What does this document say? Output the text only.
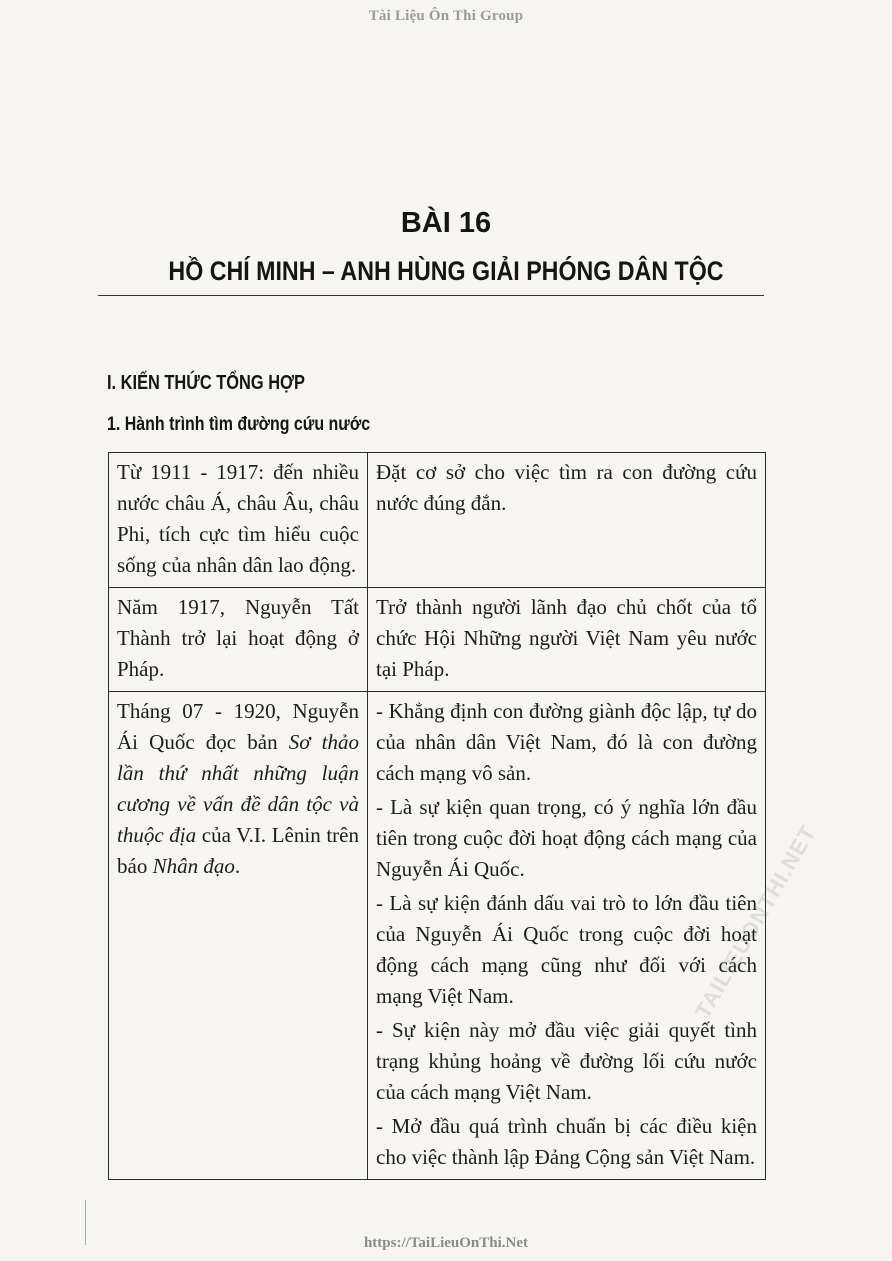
Tài Liệu Ôn Thi Group
BÀI 16
HỒ CHÍ MINH – ANH HÙNG GIẢI PHÓNG DÂN TỘC
I. KIẾN THỨC TỔNG HỢP
1. Hành trình tìm đường cứu nước
Từ 1911 - 1917: đến nhiều nước châu Á, châu Âu, châu Phi, tích cực tìm hiểu cuộc sống của nhân dân lao động.	Đặt cơ sở cho việc tìm ra con đường cứu nước đúng đắn.

Năm 1917, Nguyễn Tất Thành trở lại hoạt động ở Pháp.	Trở thành người lãnh đạo chủ chốt của tổ chức Hội Những người Việt Nam yêu nước tại Pháp.

Tháng 07 - 1920, Nguyễn Ái Quốc đọc bản Sơ thảo lần thứ nhất những luận cương về vấn đề dân tộc và thuộc địa của V.I. Lênin trên báo Nhân đạo.	- Khẳng định con đường giành độc lập, tự do của nhân dân Việt Nam, đó là con đường cách mạng vô sản.

- Là sự kiện quan trọng, có ý nghĩa lớn đầu tiên trong cuộc đời hoạt động cách mạng của Nguyễn Ái Quốc.

- Là sự kiện đánh dấu vai trò to lớn đầu tiên của Nguyễn Ái Quốc trong cuộc đời hoạt động cách mạng cũng như đối với cách mạng Việt Nam.

- Sự kiện này mở đầu việc giải quyết tình trạng khủng hoảng về đường lối cứu nước của cách mạng Việt Nam.

- Mở đầu quá trình chuẩn bị các điều kiện cho việc thành lập Đảng Cộng sản Việt Nam.

TAILIEUONTHI.NET
https://TaiLieuOnThi.Net
